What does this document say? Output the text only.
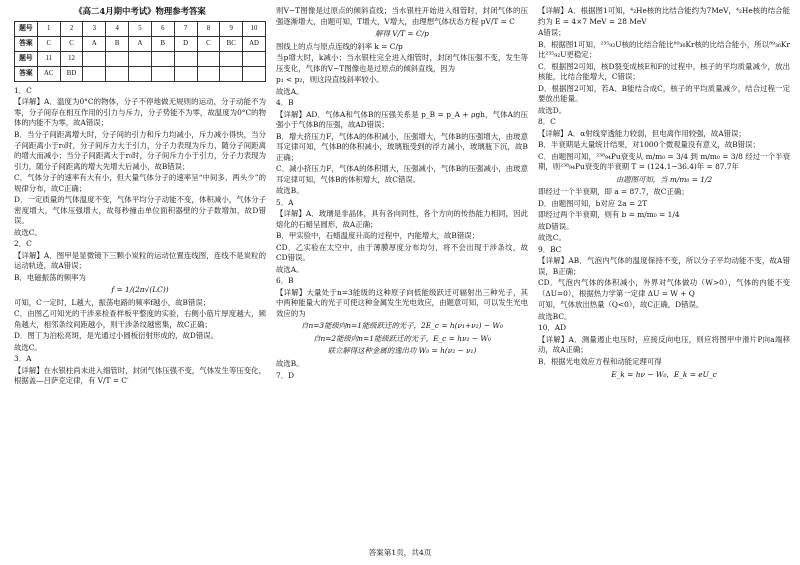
《高二4月期中考试》物理参考答案
题号	1	2	3	4	5	6	7	8	9	10
答案	C	C	A	B	A	B	D	C	BC	AD
题号	11	12								
答案	AC	BD								
1．C
【详解】A．温度为0°C的物体，分子不停地做无规则的运动，分子动能不为零，分子间存在相互作用的引力与斥力，分子势能不为零，故温度为0°C的物体的内能不为零，故A错误；
B．当分子间距离增大时，分子间的引力和斥力均减小，斥力减小得快，当分子间距离小于r₀时，分子间斥力大于引力，分子力表现为斥力，随分子间距离的增大而减小；当分子间距离大于r₀时，分子间斥力小于引力，分子力表现为引力，随分子间距离的增大先增大后减小，故B错误；
C．气体分子的速率有大有小，但大量气体分子的速率呈“中间多、两头少”的规律分布，故C正确；
D．一定质量的气体温度不变，气体平均分子动能不变，体积减小，气体分子密度增大，气体压强增大，故每秒撞击单位面积器壁的分子数增加，故D错误。
故选C。
2．C
【详解】A．图甲是显微镜下三颗小炭粒的运动位置连线图，连线不是炭粒的运动轨迹，故A错误；
B．电磁振荡的频率为
f = 1/(2π√(LC))
可知，C一定时，L越大，振荡电路的频率f越小，故B错误；
C．由图乙可知光的干涉来检查样板平整度的实验，右侧小筋片厚度越大，频角越大，相邻条纹间距越小，则干涉条纹越密集，故C正确；
D．图丁为泊松亮斑，是光通过小圆板衍射形成的，故D错误。
故选C。
3．A
【详解】在水银柱尚未进入细管时，封闭气体压强不变，气体发生等压变化，根据盖—吕萨克定律，有 V/T = C′
则V−T图像是过原点的倾斜直线；当水银柱开始进入细管时，封闭气体的压强逐渐增大，由题可知，T增大，V增大，由理想气体状态方程 pV/T = C
解得 V/T = C/p
图线上的点与原点连线的斜率 k = C/p
当p增大时，k减小；当水银柱完全进入细管时，封闭气体压强不变，发生等压变化，气体的V−T图像也是过原点的倾斜直线，因为
p₁ < p₂，则这段直线斜率较小。
故选A。
4．B
【详解】AD．气体A和气体B的压强关系是 p_B = p_A + ρgh，气体A的压强小于气体B的压强，故AD错误；
B．增大挤压力F，气体A的体积减小，压强增大，气体B的压强增大，由玻意耳定律可知，气体B的体积减小，玻璃瓶受到的浮力减小，玻璃瓶下沉，故B正确；
C．减小挤压力F，气体A的体积增大，压强减小，气体B的压强减小，由玻意耳定律可知，气体B的体积增大，故C错误。
故选B。
5．A
【详解】A．玻璃是非晶体，具有各向同性，各个方向的传热能力相同，因此熔化的石蜡呈圆形，故A正确；
B．甲实验中，石蜡温度升高的过程中，内能增大，故B错误；
CD．乙实验在太空中，由于薄膜厚度分布均匀，将不会出现干涉条纹，故CD错误。
故选A。
6．B
【详解】大量处于n=3能级的这种原子向低能级跃迁可辐射出三种光子，其中两种能量大的光子可使这种金属发生光电效应，由题意可知，可以发生光电效应的为
自n=3能级向n=1能级跃迁的光子，2E_c = h(ν₁+ν₂) − W₀
自n=2能级向n=1能级跃迁的光子，E_c = hν₂ − W₀
联立解得这种金属的逸出功 W₀ = h(ν₂ − ν₁)
故选B。
7．D
【详解】A．根据图1可知，⁴₂He核的比结合能约为7MeV，⁴₂He核的结合能约为 E = 4×7 MeV = 28 MeV
A错误；
B．根据图1可知，²³⁵₉₂U核的比结合能比⁸⁹₃₆Kr核的比结合能小，所以⁸⁹₃₆Kr比²³⁵₉₂U更稳定；
C．根据图2可知，核D裂变成核E和F的过程中，核子的平均质量减少，放出核能，比结合能增大，C错误；
D．根据图2可知，若A、B能结合成C，核子的平均质量减少，结合过程一定要放出能量。
故选D。
8．C
【详解】A．α射线穿透能力较弱，但电离作用较强，故A错误；
B．半衰期是大量统计结果，对1000个微观量没有意义，故B错误；
C．由题图可知，²³⁸₉₄Pu衰变从 m/m₀ = 3/4 到 m/m₀ = 3/8 经过一个半衰期，则²³⁸₉₄Pu衰变的半衰期 T = (124.1−36.4)年 = 87.7年
由题图可知，当 m/m₀ = 1/2
即经过一个半衰期，即 a = 87.7，故C正确；
D．由题图可知，b对应 2a = 2T
即经过两个半衰期，则有 b = m/m₀ = 1/4
故D错误。
故选C。
9．BC
【详解】AB．气泡内气体的温度保持不变，所以分子平均动能不变，故A错误，B正确；
CD．气泡内气体的体积减小，外界对气体做功（W>0），气体的内能不变（ΔU=0），根据热力学第一定律 ΔU = W + Q
可知，气体放出热量（Q<0），故C正确，D错误。
故选BC。
10．AD
【详解】A．测量遏止电压时，应接反向电压，则应将图甲中滑片P向a端移动，故A正确；
B．根据光电效应方程和动能定理可得
E_k = hν − W₀，E_k = eU_c
答案第1页，共4页
